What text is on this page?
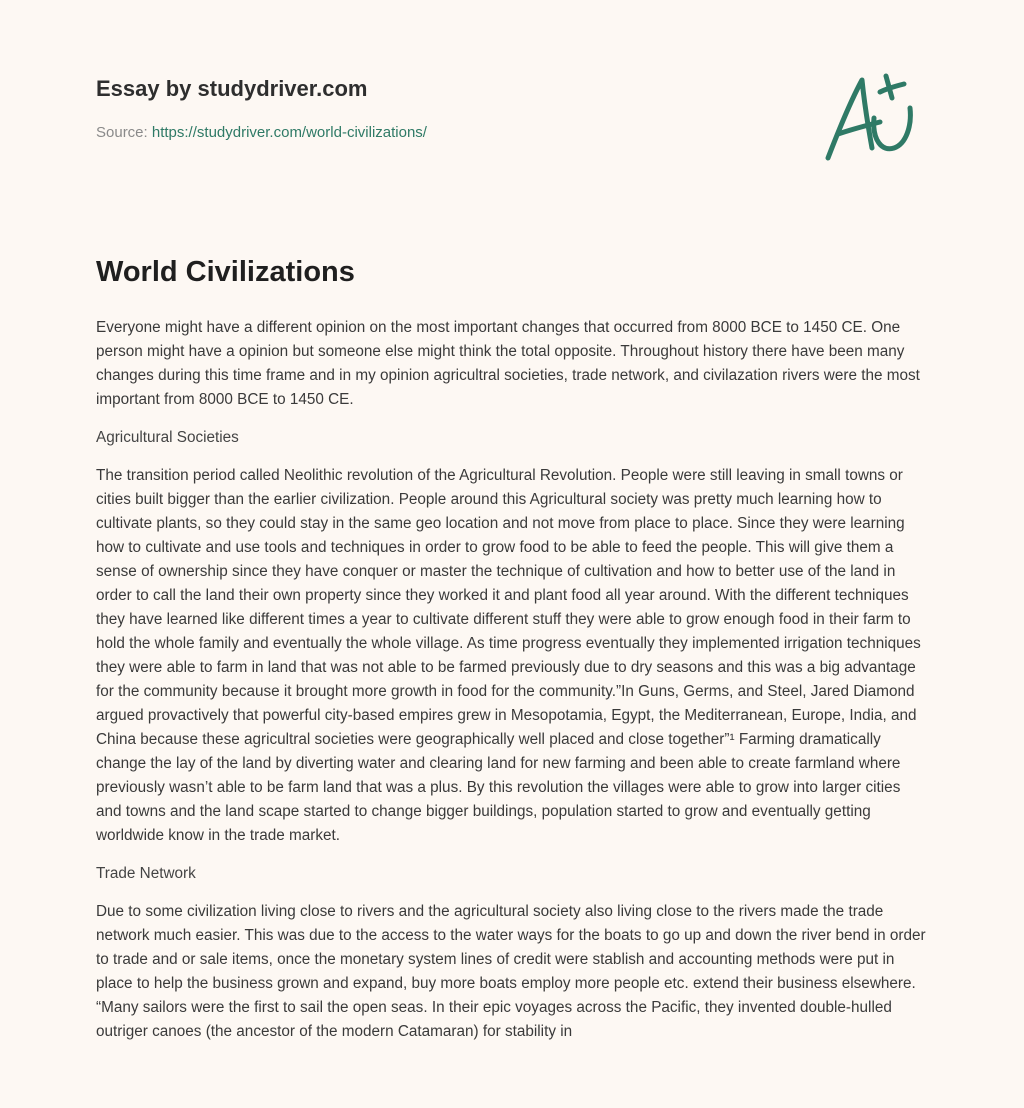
Essay by studydriver.com
Source: https://studydriver.com/world-civilizations/
World Civilizations

Everyone might have a different opinion on the most important changes that occurred from 8000 BCE to 1450 CE. One person might have a opinion but someone else might think the total opposite. Throughout history there have been many changes during this time frame and in my opinion agricultral societies, trade network, and civilazation rivers were the most important from 8000 BCE to 1450 CE.

Agricultural Societies

The transition period called Neolithic revolution of the Agricultural Revolution. People were still leaving in small towns or cities built bigger than the earlier civilization. People around this Agricultural society was pretty much learning how to cultivate plants, so they could stay in the same geo location and not move from place to place. Since they were learning how to cultivate and use tools and techniques in order to grow food to be able to feed the people. This will give them a sense of ownership since they have conquer or master the technique of cultivation and how to better use of the land in order to call the land their own property since they worked it and plant food all year around. With the different techniques they have learned like different times a year to cultivate different stuff they were able to grow enough food in their farm to hold the whole family and eventually the whole village. As time progress eventually they implemented irrigation techniques they were able to farm in land that was not able to be farmed previously due to dry seasons and this was a big advantage for the community because it brought more growth in food for the community.”In Guns, Germs, and Steel, Jared Diamond argued provactively that powerful city-based empires grew in Mesopotamia, Egypt, the Mediterranean, Europe, India, and China because these agricultral societies were geographically well placed and close together”¹ Farming dramatically change the lay of the land by diverting water and clearing land for new farming and been able to create farmland where previously wasn’t able to be farm land that was a plus. By this revolution the villages were able to grow into larger cities and towns and the land scape started to change bigger buildings, population started to grow and eventually getting worldwide know in the trade market.

Trade Network

Due to some civilization living close to rivers and the agricultural society also living close to the rivers made the trade network much easier. This was due to the access to the water ways for the boats to go up and down the river bend in order to trade and or sale items, once the monetary system lines of credit were stablish and accounting methods were put in place to help the business grown and expand, buy more boats employ more people etc. extend their business elsewhere. “Many sailors were the first to sail the open seas. In their epic voyages across the Pacific, they invented double-hulled outriger canoes (the ancestor of the modern Catamaran) for stability in
